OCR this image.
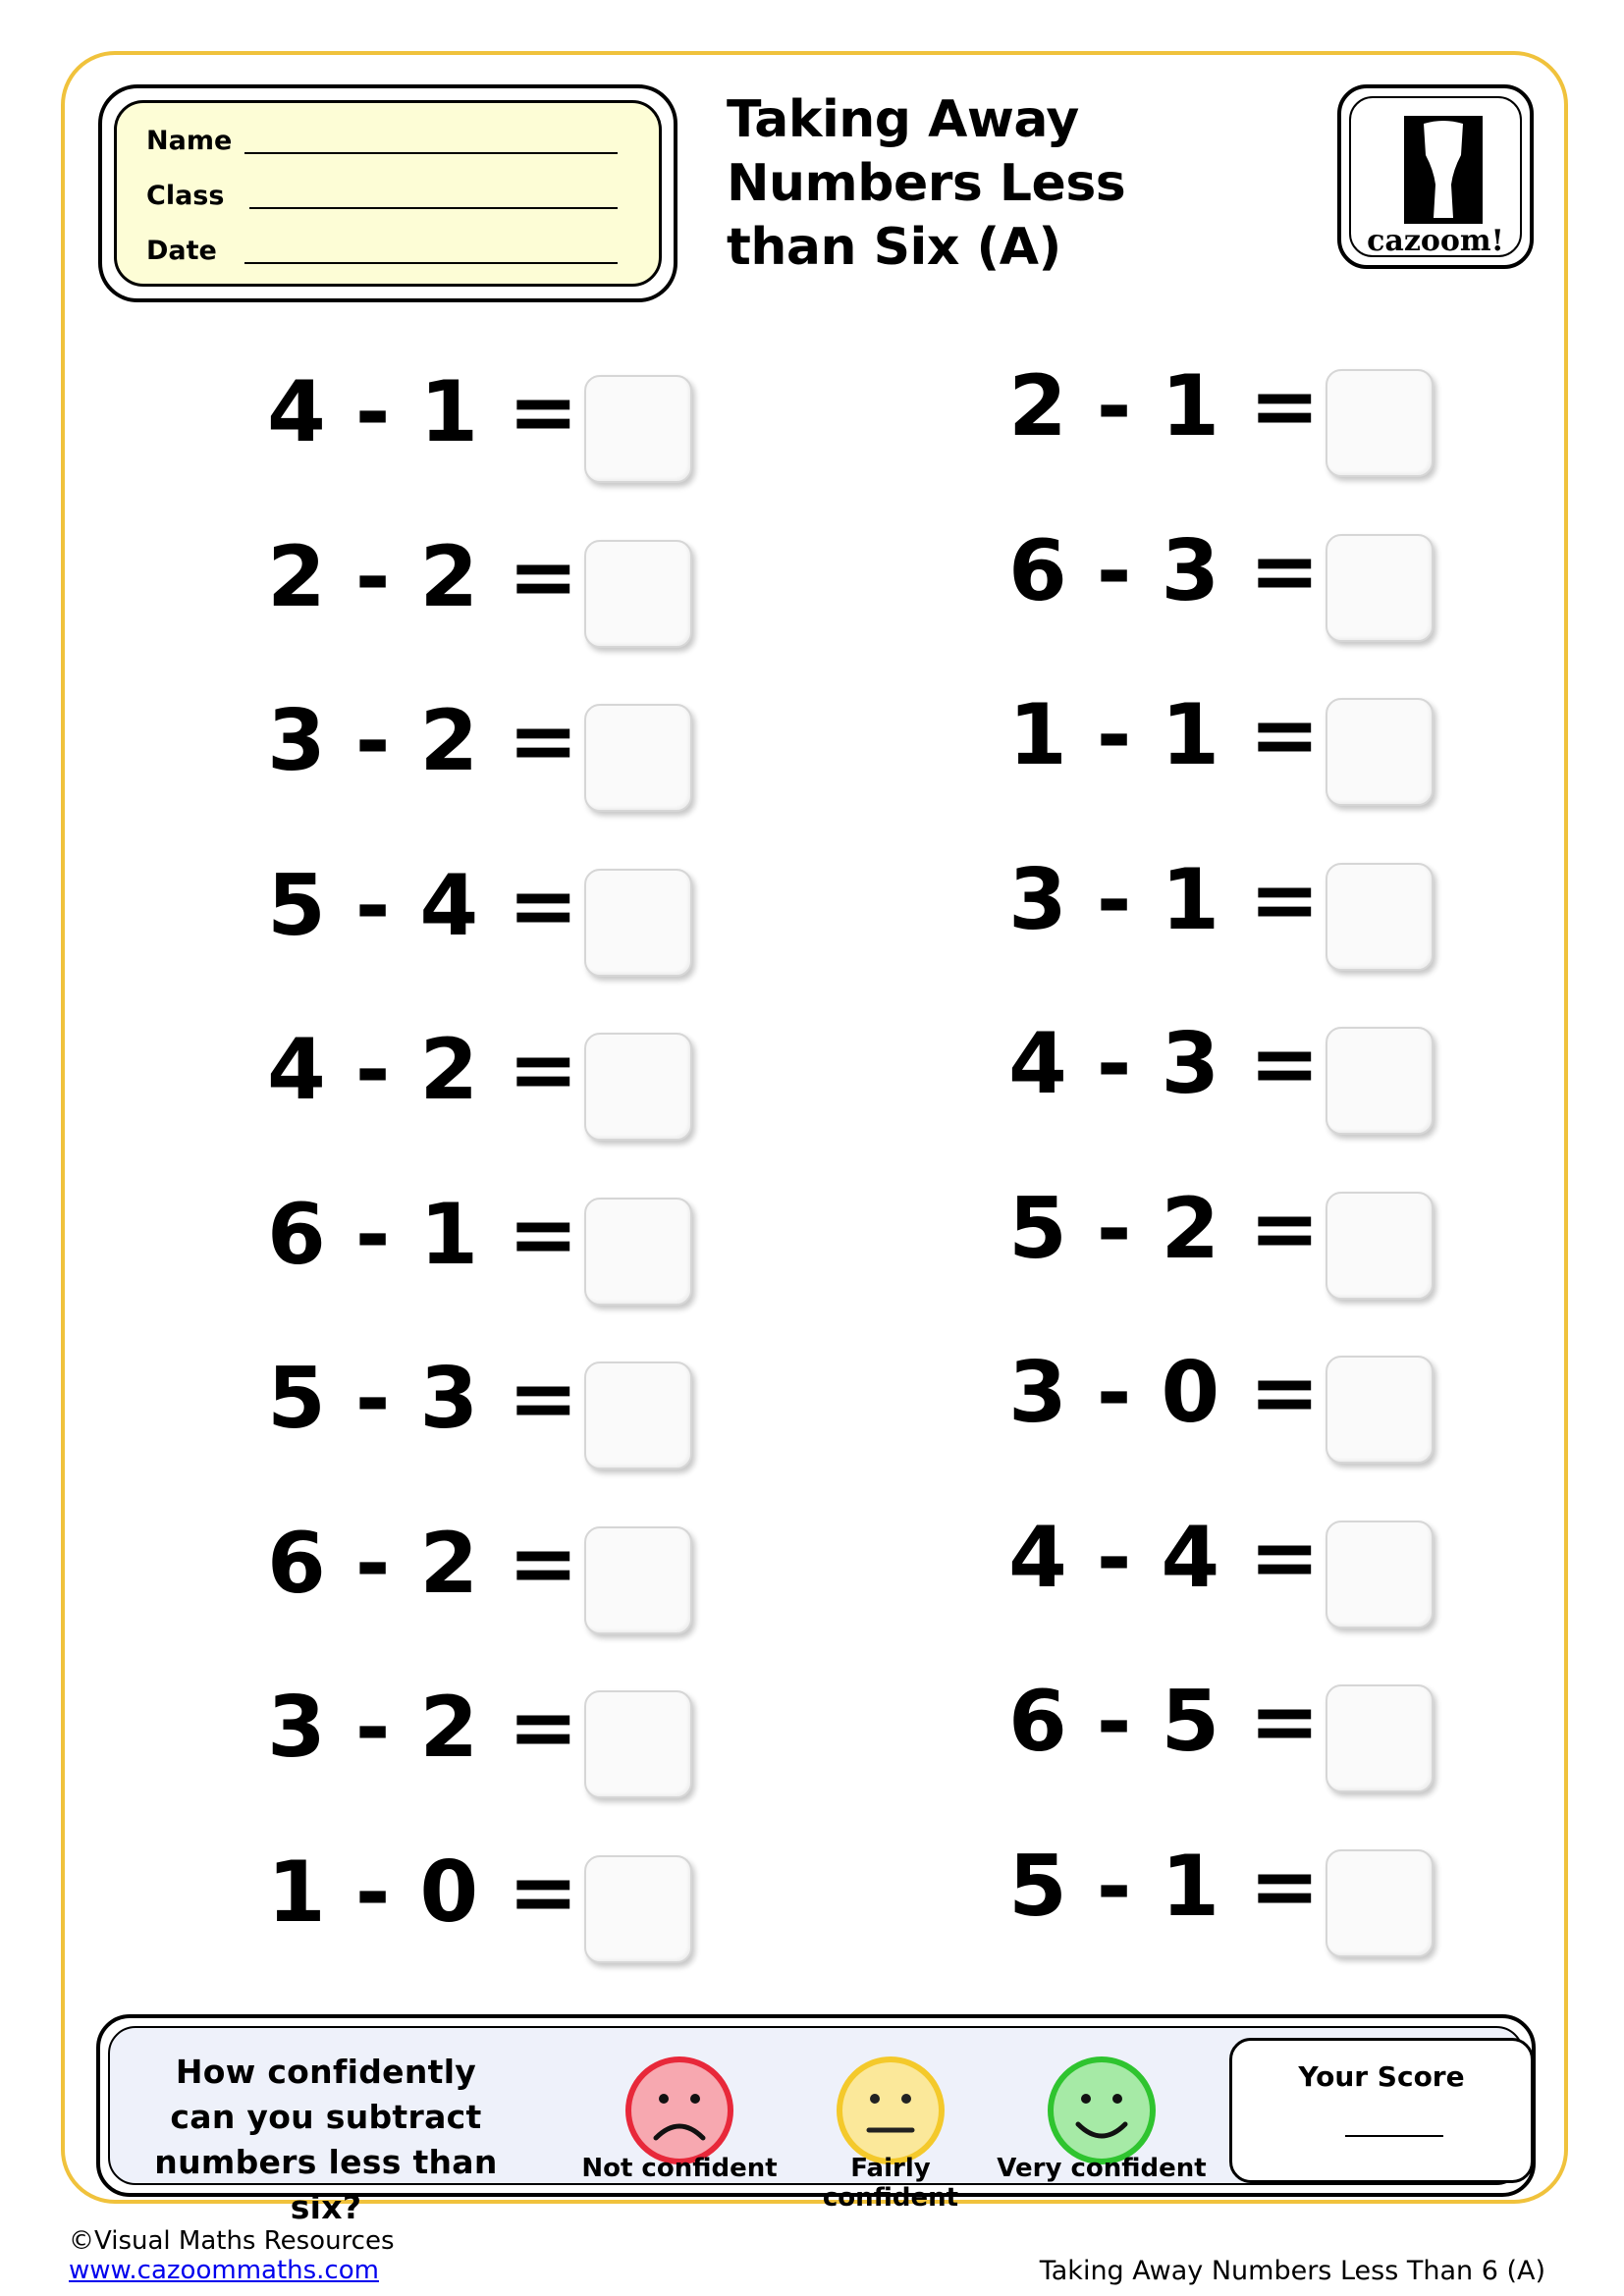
Name
Class
Date
Taking Away
Numbers Less
than Six (A)	cazoom!
4 - 1 =
2 - 2 =
3 - 2 =
5 - 4 =
4 - 2 =
6 - 1 =
5 - 3 =
6 - 2 =
3 - 2 =
1 - 0 =
2 - 1 =
6 - 3 =
1 - 1 =
3 - 1 =
4 - 3 =
5 - 2 =
3 - 0 =
4 - 4 =
6 - 5 =
5 - 1 =
How confidently can you subtract numbers less than six?
Not confident	Fairly confident
Very confident
Your Score
©Visual Maths Resources
www.cazoommaths.com	Taking Away Numbers Less Than 6 (A)
